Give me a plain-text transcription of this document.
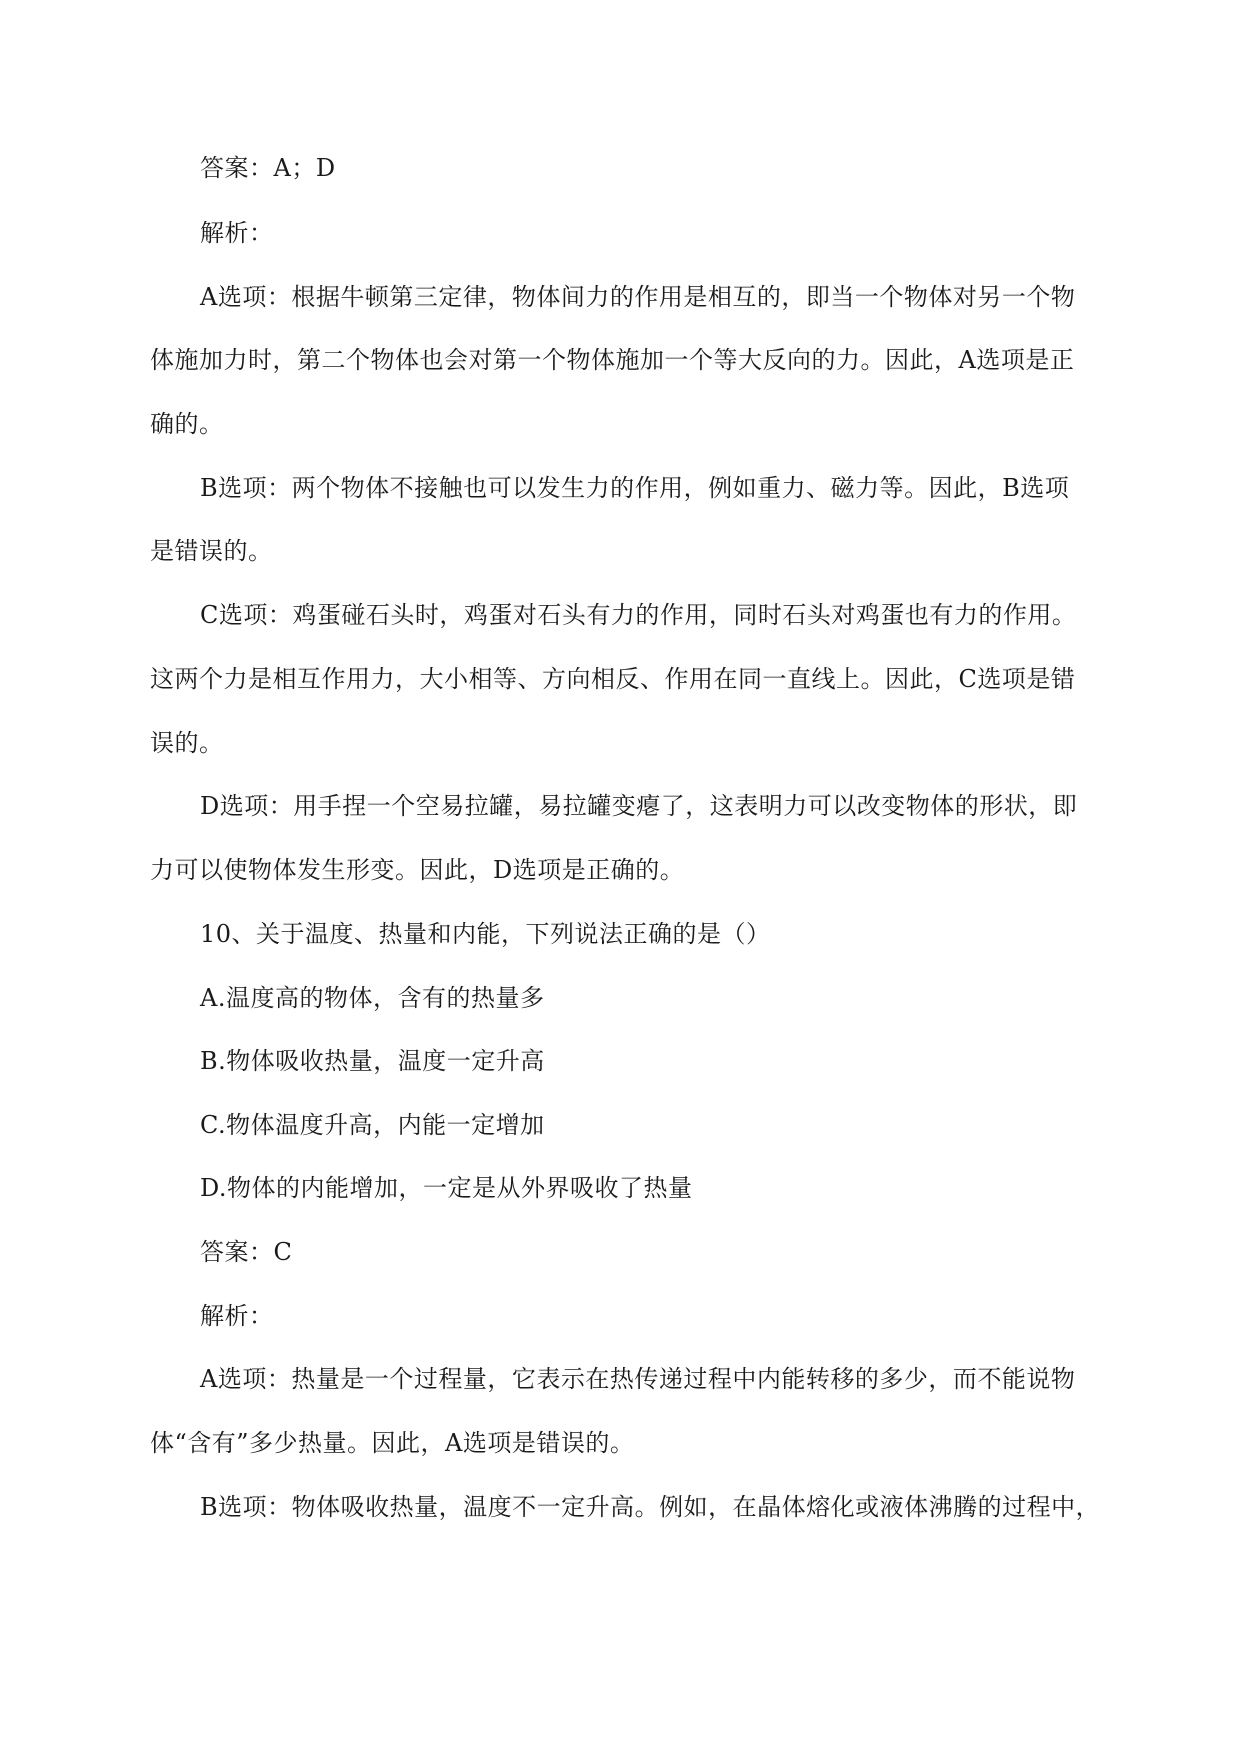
答案：A；D
解析：
A选项：根据牛顿第三定律，物体间力的作用是相互的，即当一个物体对另一个物
体施加力时，第二个物体也会对第一个物体施加一个等大反向的力。因此，A选项是正
确的。
B选项：两个物体不接触也可以发生力的作用，例如重力、磁力等。因此，B选项
是错误的。
C选项：鸡蛋碰石头时，鸡蛋对石头有力的作用，同时石头对鸡蛋也有力的作用。
这两个力是相互作用力，大小相等、方向相反、作用在同一直线上。因此，C选项是错
误的。
D选项：用手捏一个空易拉罐，易拉罐变瘪了，这表明力可以改变物体的形状，即
力可以使物体发生形变。因此，D选项是正确的。
10、关于温度、热量和内能，下列说法正确的是（）
A.温度高的物体，含有的热量多
B.物体吸收热量，温度一定升高
C.物体温度升高，内能一定增加
D.物体的内能增加，一定是从外界吸收了热量
答案：C
解析：
A选项：热量是一个过程量，它表示在热传递过程中内能转移的多少，而不能说物
体“含有”多少热量。因此，A选项是错误的。
B选项：物体吸收热量，温度不一定升高。例如，在晶体熔化或液体沸腾的过程中，
